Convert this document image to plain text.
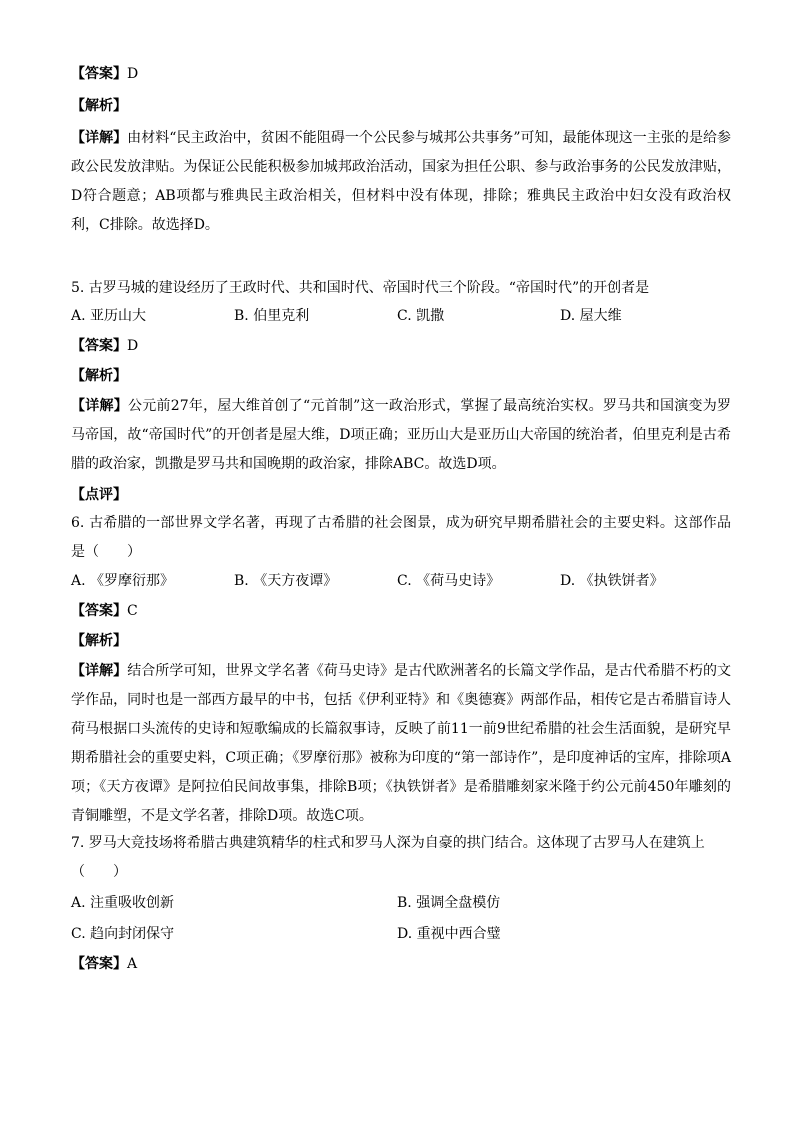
【答案】D

【解析】

【详解】由材料“民主政治中，贫困不能阻碍一个公民参与城邦公共事务”可知，最能体现这一主张的是给参政公民发放津贴。为保证公民能积极参加城邦政治活动，国家为担任公职、参与政治事务的公民发放津贴，D符合题意；AB项都与雅典民主政治相关，但材料中没有体现，排除；雅典民主政治中妇女没有政治权利，C排除。故选择D。

5. 古罗马城的建设经历了王政时代、共和国时代、帝国时代三个阶段。“帝国时代”的开创者是

A. 亚历山大	B. 伯里克利	C. 凯撒	D. 屋大维

【答案】D

【解析】

【详解】公元前27年，屋大维首创了“元首制”这一政治形式，掌握了最高统治实权。罗马共和国演变为罗马帝国，故“帝国时代”的开创者是屋大维，D项正确；亚历山大是亚历山大帝国的统治者，伯里克利是古希腊的政治家，凯撒是罗马共和国晚期的政治家，排除ABC。故选D项。

【点评】

6. 古希腊的一部世界文学名著，再现了古希腊的社会图景，成为研究早期希腊社会的主要史料。这部作品是（　　）

A. 《罗摩衍那》	B. 《天方夜谭》	C. 《荷马史诗》	D. 《执铁饼者》

【答案】C

【解析】

【详解】结合所学可知，世界文学名著《荷马史诗》是古代欧洲著名的长篇文学作品，是古代希腊不朽的文学作品，同时也是一部西方最早的中书，包括《伊利亚特》和《奥德赛》两部作品，相传它是古希腊盲诗人荷马根据口头流传的史诗和短歌编成的长篇叙事诗，反映了前11一前9世纪希腊的社会生活面貌，是研究早期希腊社会的重要史料，C项正确；《罗摩衍那》被称为印度的“第一部诗作”，是印度神话的宝库，排除项A项；《天方夜谭》是阿拉伯民间故事集，排除B项；《执铁饼者》是希腊雕刻家米隆于约公元前450年雕刻的青铜雕塑，不是文学名著，排除D项。故选C项。

7. 罗马大竞技场将希腊古典建筑精华的柱式和罗马人深为自豪的拱门结合。这体现了古罗马人在建筑上

（　　）

A. 注重吸收创新	B. 强调全盘模仿
C. 趋向封闭保守	D. 重视中西合璧

【答案】A
